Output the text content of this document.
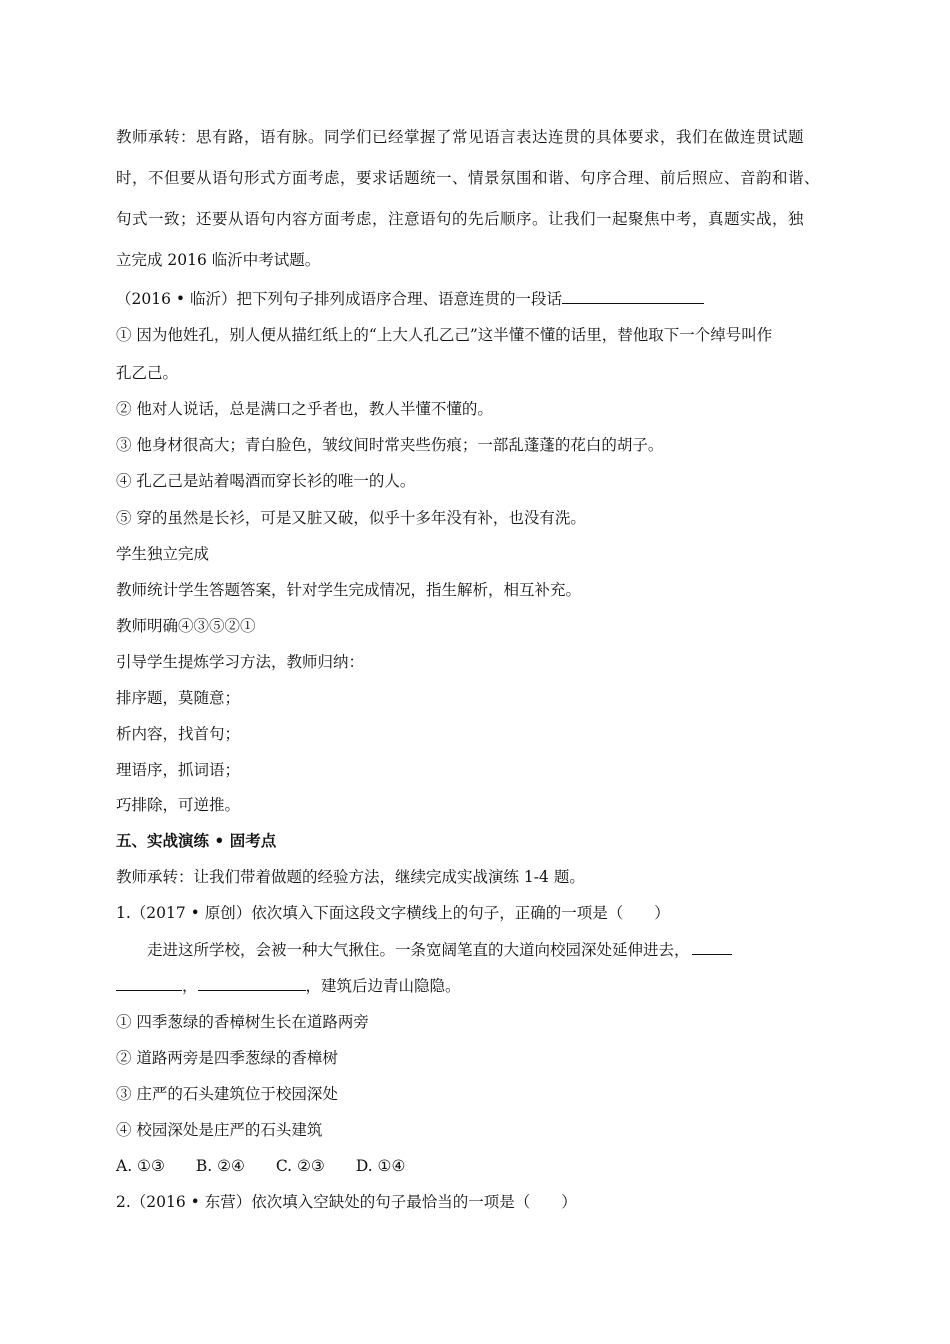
教师承转：思有路，语有脉。同学们已经掌握了常见语言表达连贯的具体要求，我们在做连贯试题
时，不但要从语句形式方面考虑，要求话题统一、情景氛围和谐、句序合理、前后照应、音韵和谐、
句式一致；还要从语句内容方面考虑，注意语句的先后顺序。让我们一起聚焦中考，真题实战，独
立完成 2016 临沂中考试题。
（2016 • 临沂）把下列句子排列成语序合理、语意连贯的一段话
① 因为他姓孔，别人便从描红纸上的“上大人孔乙己”这半懂不懂的话里，替他取下一个绰号叫作
孔乙己。
② 他对人说话，总是满口之乎者也，教人半懂不懂的。
③ 他身材很高大；青白脸色，皱纹间时常夹些伤痕；一部乱蓬蓬的花白的胡子。
④ 孔乙己是站着喝酒而穿长衫的唯一的人。
⑤ 穿的虽然是长衫，可是又脏又破，似乎十多年没有补，也没有洗。
学生独立完成
教师统计学生答题答案，针对学生完成情况，指生解析，相互补充。
教师明确④③⑤②①
引导学生提炼学习方法，教师归纳：
排序题，莫随意；
析内容，找首句；
理语序，抓词语；
巧排除，可逆推。
五、实战演练 • 固考点
教师承转：让我们带着做题的经验方法，继续完成实战演练 1-4 题。
1.（2017 • 原创）依次填入下面这段文字横线上的句子，正确的一项是（　　）
走进这所学校，会被一种大气揪住。一条宽阔笔直的大道向校园深处延伸进去，
，	，建筑后边青山隐隐。
① 四季葱绿的香樟树生长在道路两旁
② 道路两旁是四季葱绿的香樟树
③ 庄严的石头建筑位于校园深处
④ 校园深处是庄严的石头建筑
A. ①③　　B. ②④　　C. ②③　　D. ①④
2.（2016 • 东营）依次填入空缺处的句子最恰当的一项是（　　）
